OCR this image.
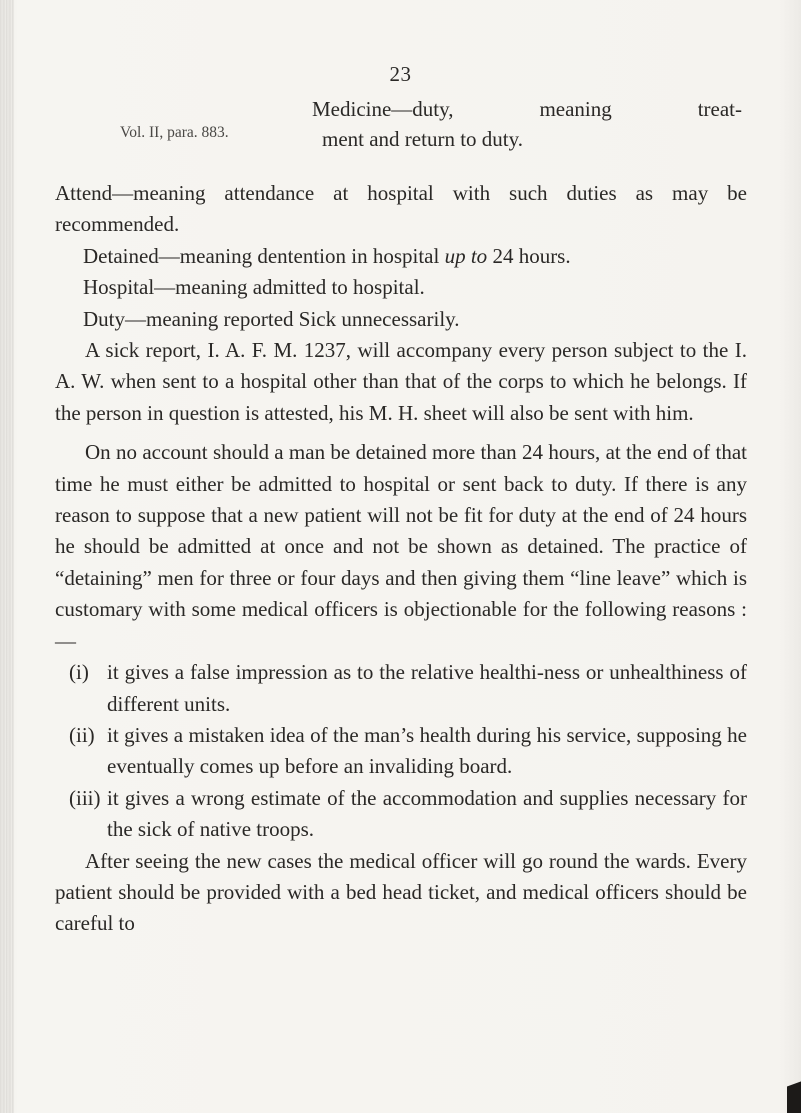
23
Vol. II, para. 883.
Medicine—duty, meaning treat-
ment and return to duty.

Attend—meaning attendance at hospital with such duties as may be recommended.

Detained—meaning dentention in hospital up to 24 hours.

Hospital—meaning admitted to hospital.

Duty—meaning reported Sick unnecessarily.

A sick report, I. A. F. M. 1237, will accompany every person subject to the I. A. W. when sent to a hospital other than that of the corps to which he belongs. If the person in question is attested, his M. H. sheet will also be sent with him.

On no account should a man be detained more than 24 hours, at the end of that time he must either be admitted to hospital or sent back to duty. If there is any reason to suppose that a new patient will not be fit for duty at the end of 24 hours he should be admitted at once and not be shown as detained. The practice of “detaining” men for three or four days and then giving them “line leave” which is customary with some medical officers is objectionable for the following reasons :—

(i) it gives a false impression as to the relative healthi-ness or unhealthiness of different units.
(ii) it gives a mistaken idea of the man’s health during his service, supposing he eventually comes up before an invaliding board.
(iii) it gives a wrong estimate of the accommodation and supplies necessary for the sick of native troops.

After seeing the new cases the medical officer will go round the wards. Every patient should be provided with a bed head ticket, and medical officers should be careful to
